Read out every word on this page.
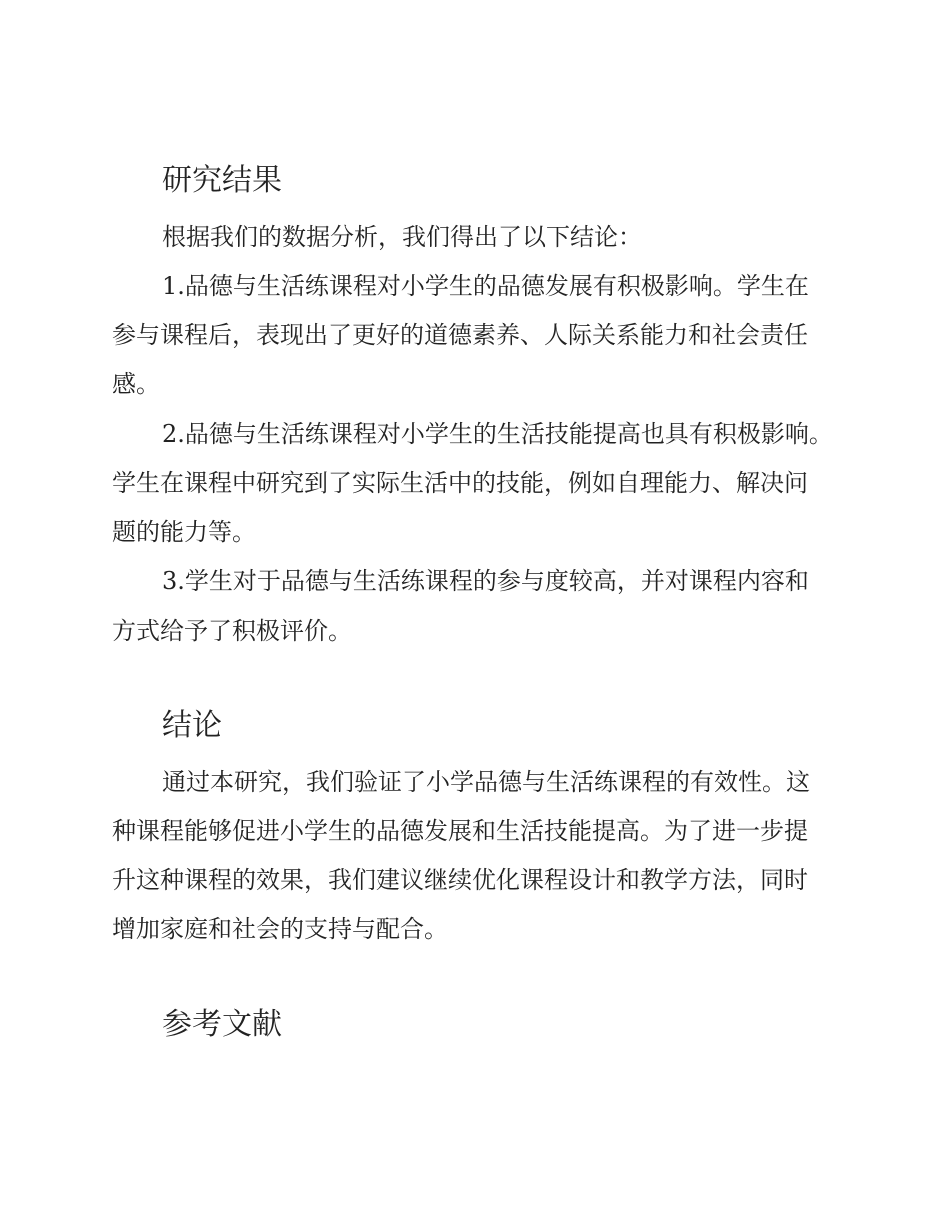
研究结果

根据我们的数据分析，我们得出了以下结论：

1.品德与生活练课程对小学生的品德发展有积极影响。学生在

参与课程后，表现出了更好的道德素养、人际关系能力和社会责任

感。

2.品德与生活练课程对小学生的生活技能提高也具有积极影响。

学生在课程中研究到了实际生活中的技能，例如自理能力、解决问

题的能力等。

3.学生对于品德与生活练课程的参与度较高，并对课程内容和

方式给予了积极评价。

结论

通过本研究，我们验证了小学品德与生活练课程的有效性。这

种课程能够促进小学生的品德发展和生活技能提高。为了进一步提

升这种课程的效果，我们建议继续优化课程设计和教学方法，同时

增加家庭和社会的支持与配合。

参考文献
